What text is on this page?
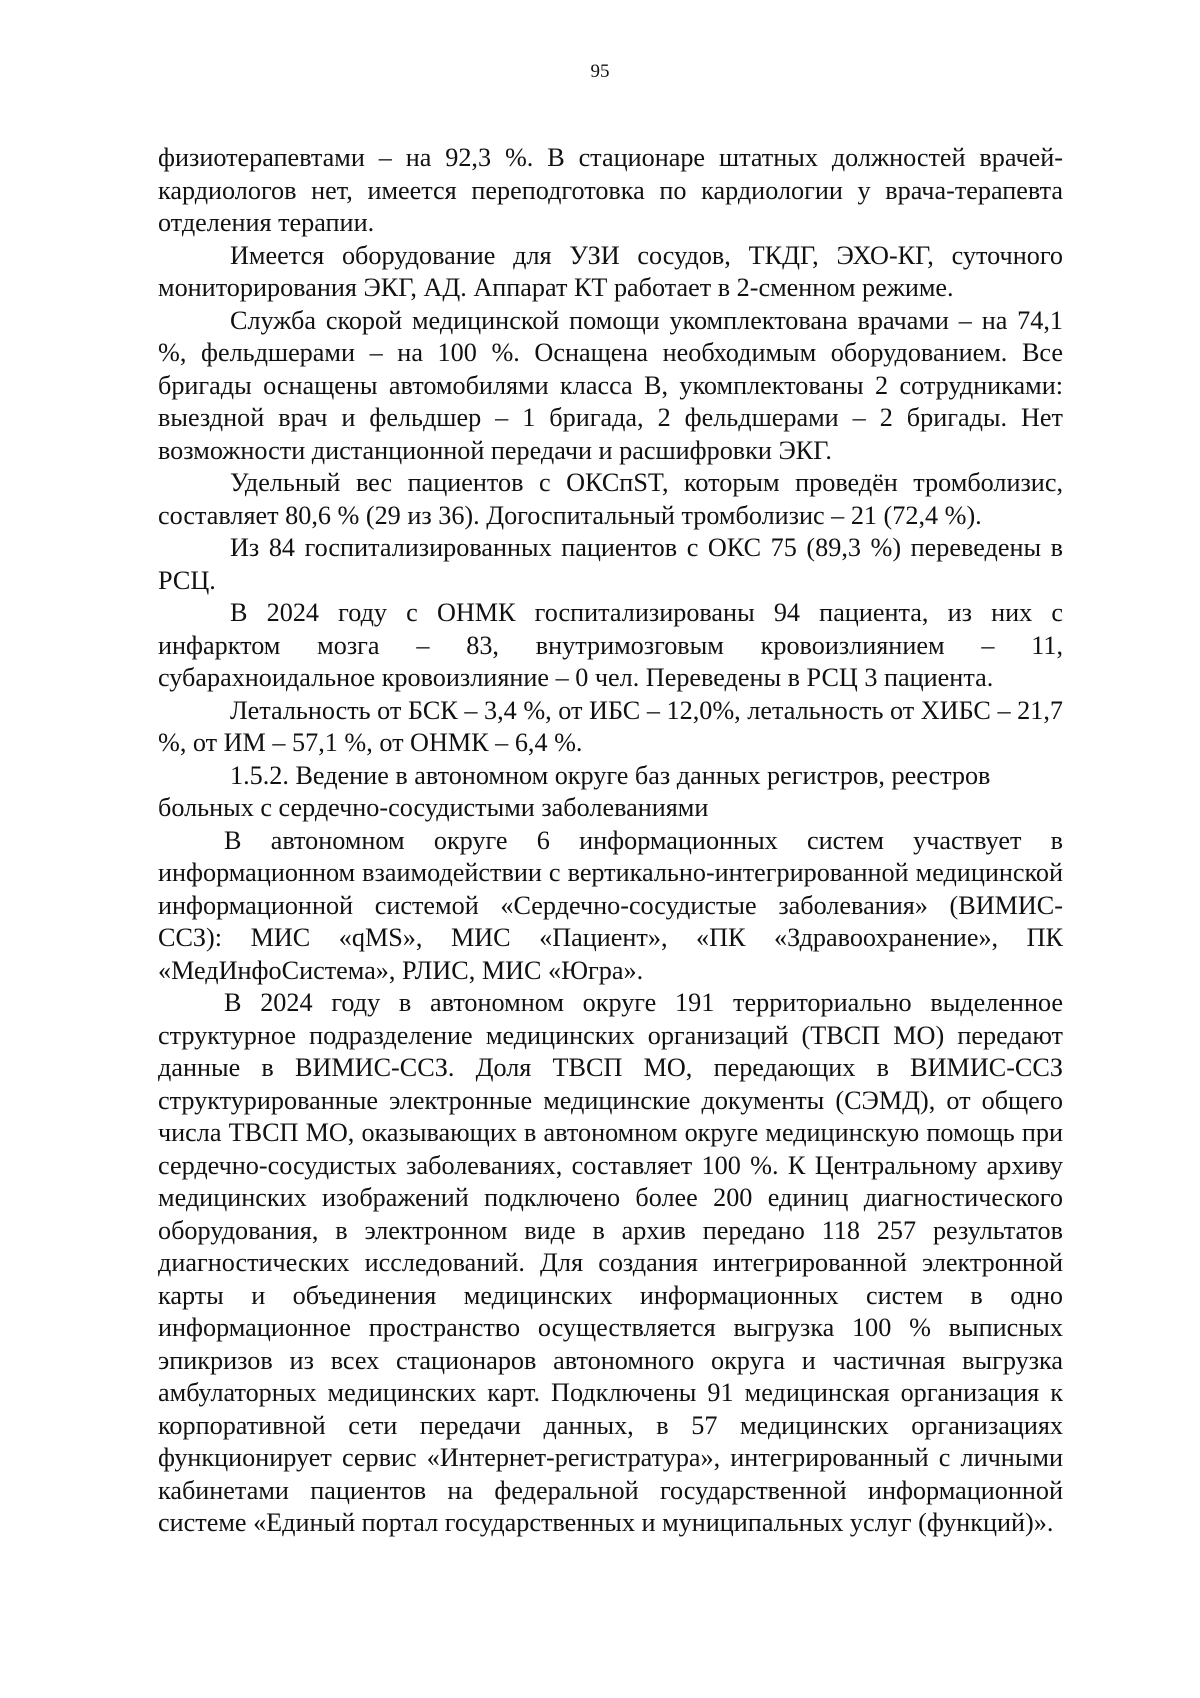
95

физиотерапевтами – на 92,3 %. В стационаре штатных должностей врачей-кардиологов нет, имеется переподготовка по кардиологии у врача-терапевта отделения терапии.

Имеется оборудование для УЗИ сосудов, ТКДГ, ЭХО-КГ, суточного мониторирования ЭКГ, АД. Аппарат КТ работает в 2-сменном режиме.

Служба скорой медицинской помощи укомплектована врачами – на 74,1 %, фельдшерами – на 100 %. Оснащена необходимым оборудованием. Все бригады оснащены автомобилями класса В, укомплектованы 2 сотрудниками: выездной врач и фельдшер – 1 бригада, 2 фельдшерами – 2 бригады. Нет возможности дистанционной передачи и расшифровки ЭКГ.

Удельный вес пациентов с ОКСпST, которым проведён тромболизис, составляет 80,6 % (29 из 36). Догоспитальный тромболизис – 21 (72,4 %).

Из 84 госпитализированных пациентов с ОКС 75 (89,3 %) переведены в РСЦ.

В 2024 году с ОНМК госпитализированы 94 пациента, из них с инфарктом мозга – 83, внутримозговым кровоизлиянием – 11, субарахноидальное кровоизлияние – 0 чел. Переведены в РСЦ 3 пациента.

Летальность от БСК – 3,4 %, от ИБС – 12,0%, летальность от ХИБС – 21,7 %, от ИМ – 57,1 %, от ОНМК – 6,4 %.

1.5.2. Ведение в автономном округе баз данных регистров, реестров больных с сердечно-сосудистыми заболеваниями

В автономном округе 6 информационных систем участвует в информационном взаимодействии с вертикально-интегрированной медицинской информационной системой «Сердечно-сосудистые заболевания» (ВИМИС-ССЗ): МИС «qMS», МИС «Пациент», «ПК «Здравоохранение», ПК «МедИнфоСистема», РЛИС, МИС «Югра».

В 2024 году в автономном округе 191 территориально выделенное структурное подразделение медицинских организаций (ТВСП МО) передают данные в ВИМИС-ССЗ. Доля ТВСП МО, передающих в ВИМИС-ССЗ структурированные электронные медицинские документы (СЭМД), от общего числа ТВСП МО, оказывающих в автономном округе медицинскую помощь при сердечно-сосудистых заболеваниях, составляет 100 %. К Центральному архиву медицинских изображений подключено более 200 единиц диагностического оборудования, в электронном виде в архив передано 118 257 результатов диагностических исследований. Для создания интегрированной электронной карты и объединения медицинских информационных систем в одно информационное пространство осуществляется выгрузка 100 % выписных эпикризов из всех стационаров автономного округа и частичная выгрузка амбулаторных медицинских карт. Подключены 91 медицинская организация к корпоративной сети передачи данных, в 57 медицинских организациях функционирует сервис «Интернет-регистратура», интегрированный с личными кабинетами пациентов на федеральной государственной информационной системе «Единый портал государственных и муниципальных услуг (функций)».
